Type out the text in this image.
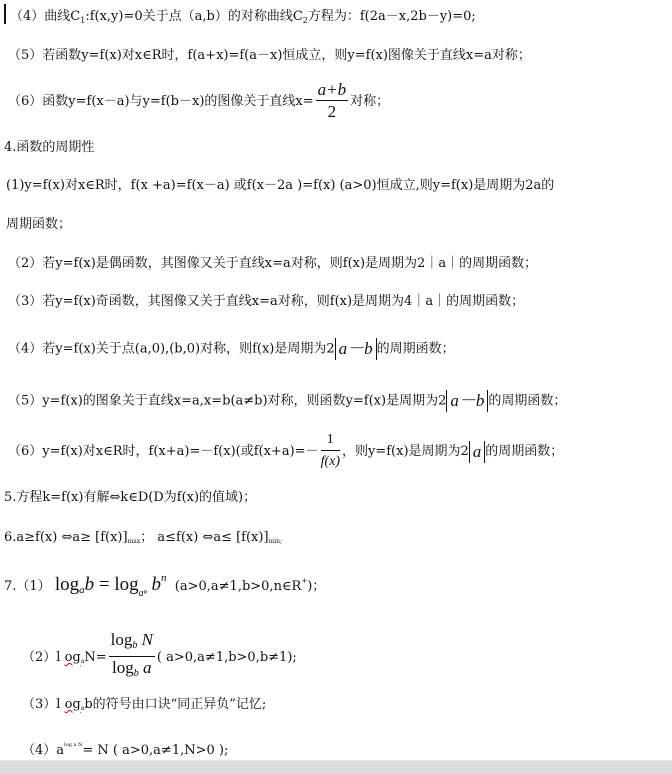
（4）曲线$C_1:f(x,y)=0$关于点（a,b）的对称曲线$C_2$方程为：f(2a－x,2b－y)=0;
（5）若函数y=f(x)对x∈R时，f(a+x)=f(a－x)恒成立，则y=f(x)图像关于直线x=a对称；
（6）函数y=f(x－a)与y=f(b－x)的图像关于直线$x= \frac{a+b}{2}$ 对称；
4.函数的周期性
(1)y=f(x)对x∈R时，f(x +a)=f(x－a) 或f(x－2a )=f(x) (a>0)恒成立,则y=f(x)是周期为2a的
周期函数；
（2）若y=f(x)是偶函数，其图像又关于直线x=a对称，则f(x)是周期为2｜a｜的周期函数；
（3）若y=f(x)奇函数，其图像又关于直线x=a对称，则f(x)是周期为4｜a｜的周期函数；
（4）若y=f(x)关于点(a,0),(b,0)对称，则f(x)是周期为2 a－b 的周期函数；
（5）y=f(x)的图象关于直线x=a,x=b(a≠b)对称，则函数y=f(x)是周期为2 a－b 的周期函数；
（6）y=f(x)对x∈R时，f(x+a)=－f(x)(或$f(x+a)=- \frac{1}{f(x)}$ ，则y=f(x)是周期为2 a 的周期函数；
5.方程k=f(x)有解⇔k∈D(D为f(x)的值域)；
6.a≥f(x) ⇔a≥ [f(x)]max； a≤f(x) ⇔a≤ [f(x)]min;
7.（1） $\log_ab = \log_{a^n} b^n$  (a>0,a≠1,b>0,n∈R+)；
（2）l ogaN= $\frac{\log_b N}{\log_b a}$ ( a>0,a≠1,b>0,b≠1);
（3）l ogab的符号由口诀“同正异负”记忆;
$(4)a^{log a N}= N$ ( a>0,a≠1,N>0 );
